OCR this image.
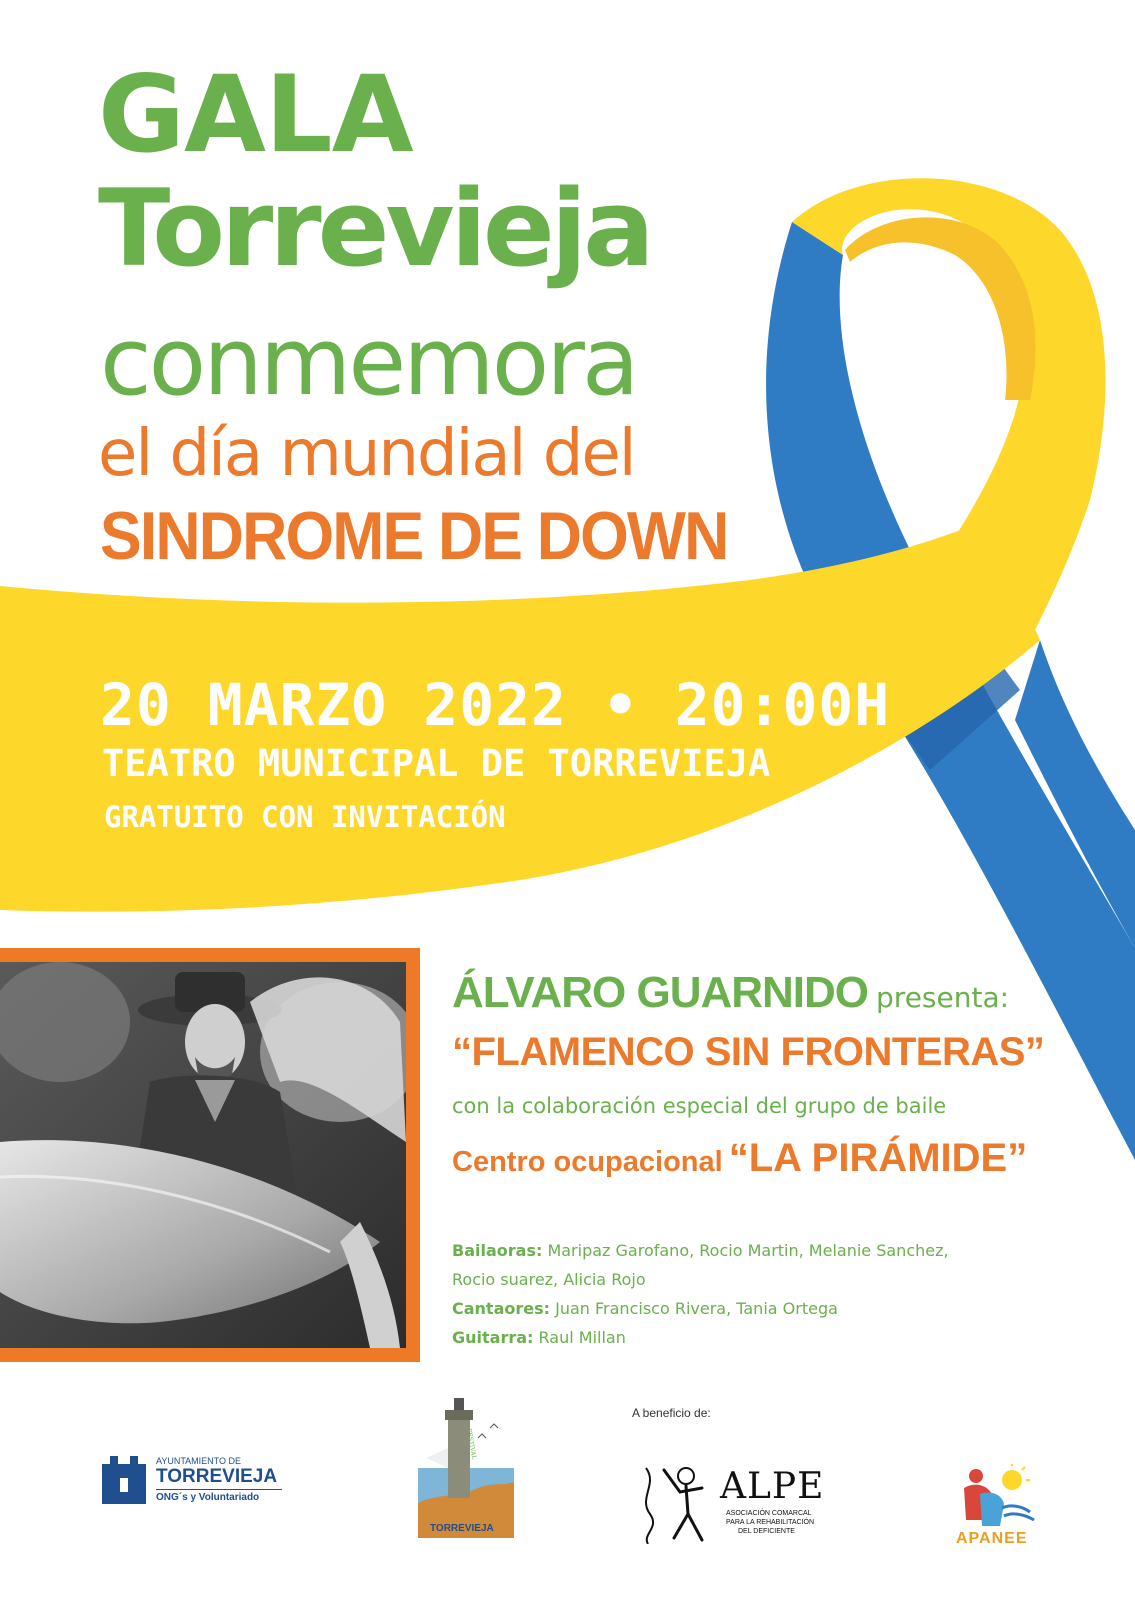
GALA
Torrevieja
conmemora
el día mundial del
SINDROME DE DOWN
20 MARZO 2022 • 20:00H
TEATRO MUNICIPAL DE TORREVIEJA
GRATUITO CON INVITACIÓN
ÁLVARO GUARNIDO presenta:
“FLAMENCO SIN FRONTERAS”
con la colaboración especial del grupo de baile
Centro ocupacional “LA PIRÁMIDE”
Bailaoras: Maripaz Garofano, Rocio Martin, Melanie Sanchez,
Rocio suarez, Alicia Rojo
Cantaores: Juan Francisco Rivera, Tania Ortega
Guitarra: Raul Millan
AYUNTAMIENTO DE
TORREVIEJA
ONG´s y Voluntariado
FESTIVAL
TORREVIEJA
A beneficio de:
ALPE
ASOCIACIÓN COMARCAL
PARA LA REHABILITACIÓN
DEL DEFICIENTE	APANEE
